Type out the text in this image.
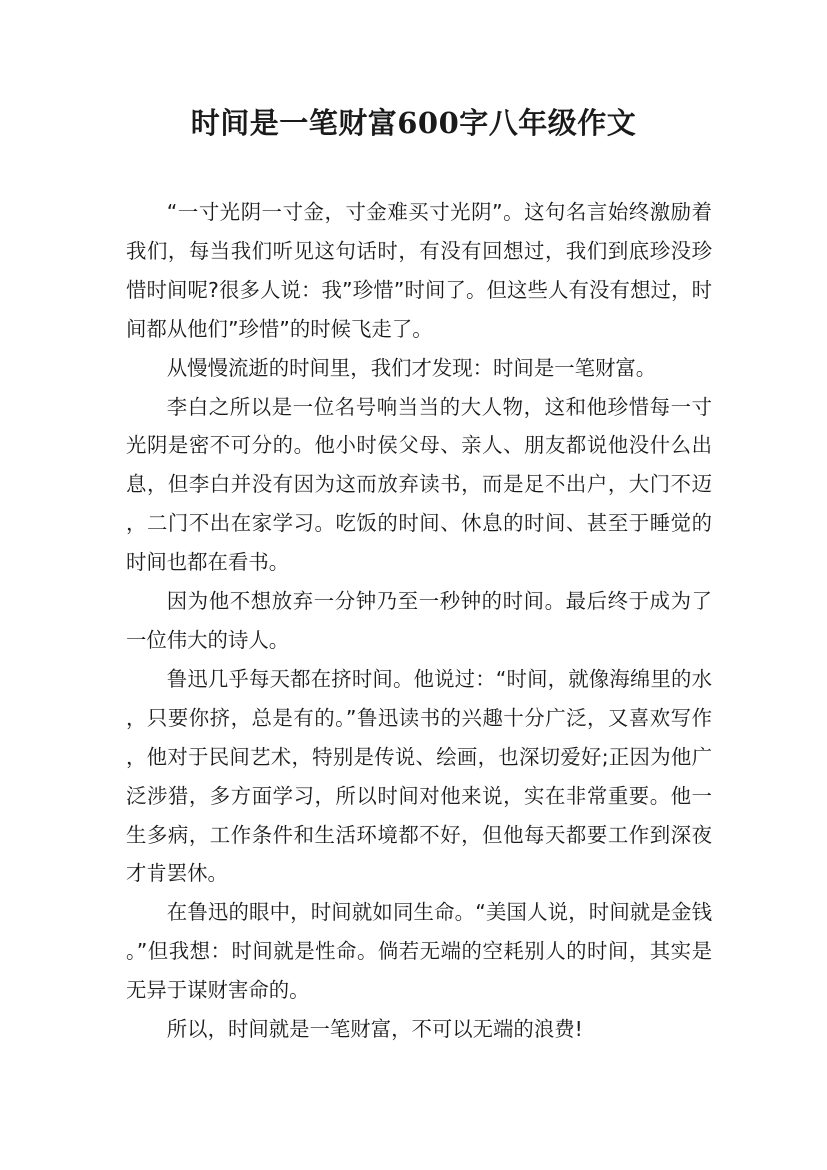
时间是一笔财富600字八年级作文

“一寸光阴一寸金，寸金难买寸光阴”。这句名言始终激励着我们，每当我们听见这句话时，有没有回想过，我们到底珍没珍惜时间呢?很多人说：我”珍惜”时间了。但这些人有没有想过，时间都从他们”珍惜”的时候飞走了。

从慢慢流逝的时间里，我们才发现：时间是一笔财富。

李白之所以是一位名号响当当的大人物，这和他珍惜每一寸光阴是密不可分的。他小时侯父母、亲人、朋友都说他没什么出息，但李白并没有因为这而放弃读书，而是足不出户，大门不迈，二门不出在家学习。吃饭的时间、休息的时间、甚至于睡觉的时间也都在看书。

因为他不想放弃一分钟乃至一秒钟的时间。最后终于成为了一位伟大的诗人。

鲁迅几乎每天都在挤时间。他说过：“时间，就像海绵里的水，只要你挤，总是有的。”鲁迅读书的兴趣十分广泛，又喜欢写作，他对于民间艺术，特别是传说、绘画，也深切爱好;正因为他广泛涉猎，多方面学习，所以时间对他来说，实在非常重要。他一生多病，工作条件和生活环境都不好，但他每天都要工作到深夜才肯罢休。

在鲁迅的眼中，时间就如同生命。“美国人说，时间就是金钱。”但我想：时间就是性命。倘若无端的空耗别人的时间，其实是无异于谋财害命的。

所以，时间就是一笔财富，不可以无端的浪费!
